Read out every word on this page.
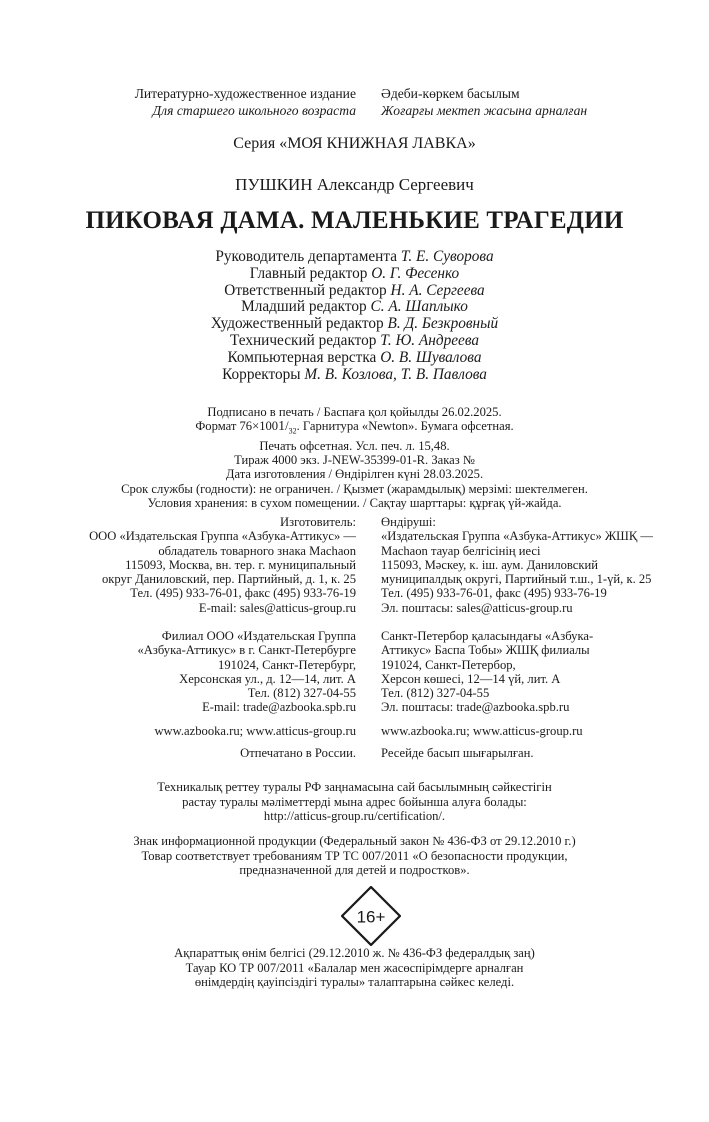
Литературно-художественное издание
Для старшего школьного возраста
Әдеби-көркем басылым
Жоғарғы мектеп жасына арналған
Серия «МОЯ КНИЖНАЯ ЛАВКА»
ПУШКИН Александр Сергеевич
ПИКОВАЯ ДАМА. МАЛЕНЬКИЕ ТРАГЕДИИ
Руководитель департамента Т. Е. Суворова
Главный редактор О. Г. Фесенко
Ответственный редактор Н. А. Сергеева
Младший редактор С. А. Шаплыко
Художественный редактор В. Д. Безкровный
Технический редактор Т. Ю. Андреева
Компьютерная верстка О. В. Шувалова
Корректоры М. В. Козлова, Т. В. Павлова
Подписано в печать / Баспаға қол қойылды 26.02.2025.
Формат $76\times 1001/_{32}$. Гарнитура «Newton». Бумага офсетная.
Печать офсетная. Усл. печ. л. 15,48.
Тираж 4000 экз. J-NEW-35399-01-R. Заказ №
Дата изготовления / Өндірілген күні 28.03.2025.
Срок службы (годности): не ограничен. / Қызмет (жарамдылық) мерзімі: шектелмеген.
Условия хранения: в сухом помещении. / Сақтау шарттары: құрғақ үй-жайда.
Изготовитель:
ООО «Издательская Группа «Азбука-Аттикус» —
обладатель товарного знака Machaon
115093, Москва, вн. тер. г. муниципальный
округ Даниловский, пер. Партийный, д. 1, к. 25
Тел. (495) 933-76-01, факс (495) 933-76-19
E-mail: sales@atticus-group.ru
Өндіруші:
«Издательская Группа «Азбука-Аттикус» ЖШҚ —
Machaon тауар белгісінің иесі
115093, Мәскеу, к. іш. аум. Даниловский
муниципалдық округі, Партийный т.ш., 1-үй, к. 25
Тел. (495) 933-76-01, факс (495) 933-76-19
Эл. поштасы: sales@atticus-group.ru
Филиал ООО «Издательская Группа
«Азбука-Аттикус» в г. Санкт-Петербурге
191024, Санкт-Петербург,
Херсонская ул., д. 12—14, лит. А
Тел. (812) 327-04-55
E-mail: trade@azbooka.spb.ru
Санкт-Петербор қаласындағы «Азбука-
Аттикус» Баспа Тобы» ЖШҚ филиалы
191024, Санкт-Петербор,
Херсон көшесі, 12—14 үй, лит. А
Тел. (812) 327-04-55
Эл. поштасы: trade@azbooka.spb.ru
www.azbooka.ru; www.atticus-group.ru www.azbooka.ru; www.atticus-group.ru
Отпечатано в России. Ресейде басып шығарылған.
Техникалық реттеу туралы РФ заңнамасына сай басылымның сәйкестігін
растау туралы мәліметтерді мына адрес бойынша алуға болады:
http://atticus-group.ru/certification/.
Знак информационной продукции (Федеральный закон № 436-ФЗ от 29.12.2010 г.)
Товар соответствует требованиям ТР ТС 007/2011 «О безопасности продукции,
предназначенной для детей и подростков».
16+
Ақпараттық өнім белгісі (29.12.2010 ж. № 436-ФЗ федералдық заң)
Тауар КО ТР 007/2011 «Балалар мен жасөспірімдерге арналған
өнімдердің қауіпсіздігі туралы» талаптарына сәйкес келеді.
